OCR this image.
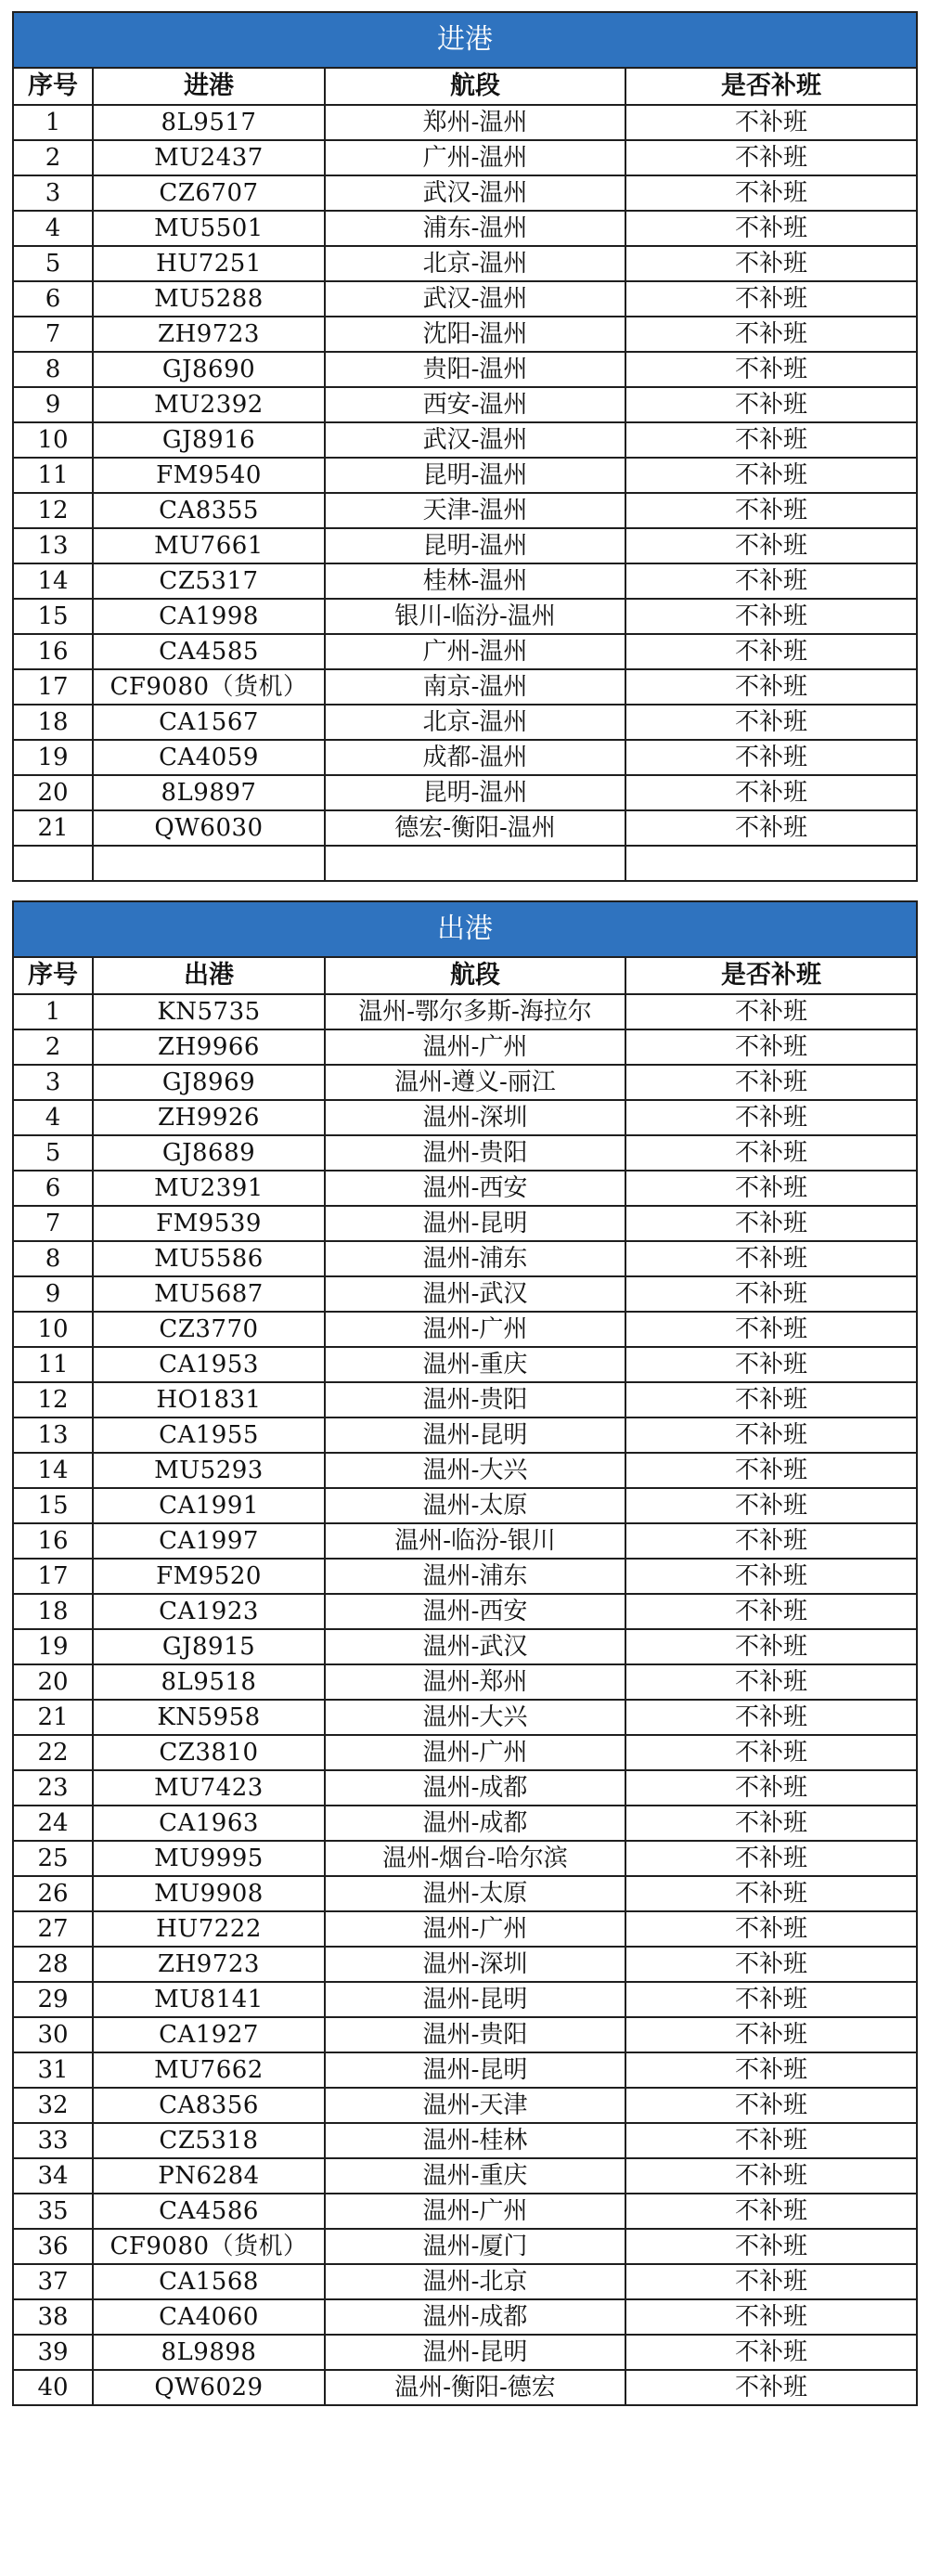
进港			
序号	进港	航段	是否补班
1	8L9517	郑州-温州	不补班
2	MU2437	广州-温州	不补班
3	CZ6707	武汉-温州	不补班
4	MU5501	浦东-温州	不补班
5	HU7251	北京-温州	不补班
6	MU5288	武汉-温州	不补班
7	ZH9723	沈阳-温州	不补班
8	GJ8690	贵阳-温州	不补班
9	MU2392	西安-温州	不补班
10	GJ8916	武汉-温州	不补班
11	FM9540	昆明-温州	不补班
12	CA8355	天津-温州	不补班
13	MU7661	昆明-温州	不补班
14	CZ5317	桂林-温州	不补班
15	CA1998	银川-临汾-温州	不补班
16	CA4585	广州-温州	不补班
17	CF9080（货机）	南京-温州	不补班
18	CA1567	北京-温州	不补班
19	CA4059	成都-温州	不补班
20	8L9897	昆明-温州	不补班
21	QW6030	德宏-衡阳-温州	不补班

出港			
序号	出港	航段	是否补班
1	KN5735	温州-鄂尔多斯-海拉尔	不补班
2	ZH9966	温州-广州	不补班
3	GJ8969	温州-遵义-丽江	不补班
4	ZH9926	温州-深圳	不补班
5	GJ8689	温州-贵阳	不补班
6	MU2391	温州-西安	不补班
7	FM9539	温州-昆明	不补班
8	MU5586	温州-浦东	不补班
9	MU5687	温州-武汉	不补班
10	CZ3770	温州-广州	不补班
11	CA1953	温州-重庆	不补班
12	HO1831	温州-贵阳	不补班
13	CA1955	温州-昆明	不补班
14	MU5293	温州-大兴	不补班
15	CA1991	温州-太原	不补班
16	CA1997	温州-临汾-银川	不补班
17	FM9520	温州-浦东	不补班
18	CA1923	温州-西安	不补班
19	GJ8915	温州-武汉	不补班
20	8L9518	温州-郑州	不补班
21	KN5958	温州-大兴	不补班
22	CZ3810	温州-广州	不补班
23	MU7423	温州-成都	不补班
24	CA1963	温州-成都	不补班
25	MU9995	温州-烟台-哈尔滨	不补班
26	MU9908	温州-太原	不补班
27	HU7222	温州-广州	不补班
28	ZH9723	温州-深圳	不补班
29	MU8141	温州-昆明	不补班
30	CA1927	温州-贵阳	不补班
31	MU7662	温州-昆明	不补班
32	CA8356	温州-天津	不补班
33	CZ5318	温州-桂林	不补班
34	PN6284	温州-重庆	不补班
35	CA4586	温州-广州	不补班
36	CF9080（货机）	温州-厦门	不补班
37	CA1568	温州-北京	不补班
38	CA4060	温州-成都	不补班
39	8L9898	温州-昆明	不补班
40	QW6029	温州-衡阳-德宏	不补班
